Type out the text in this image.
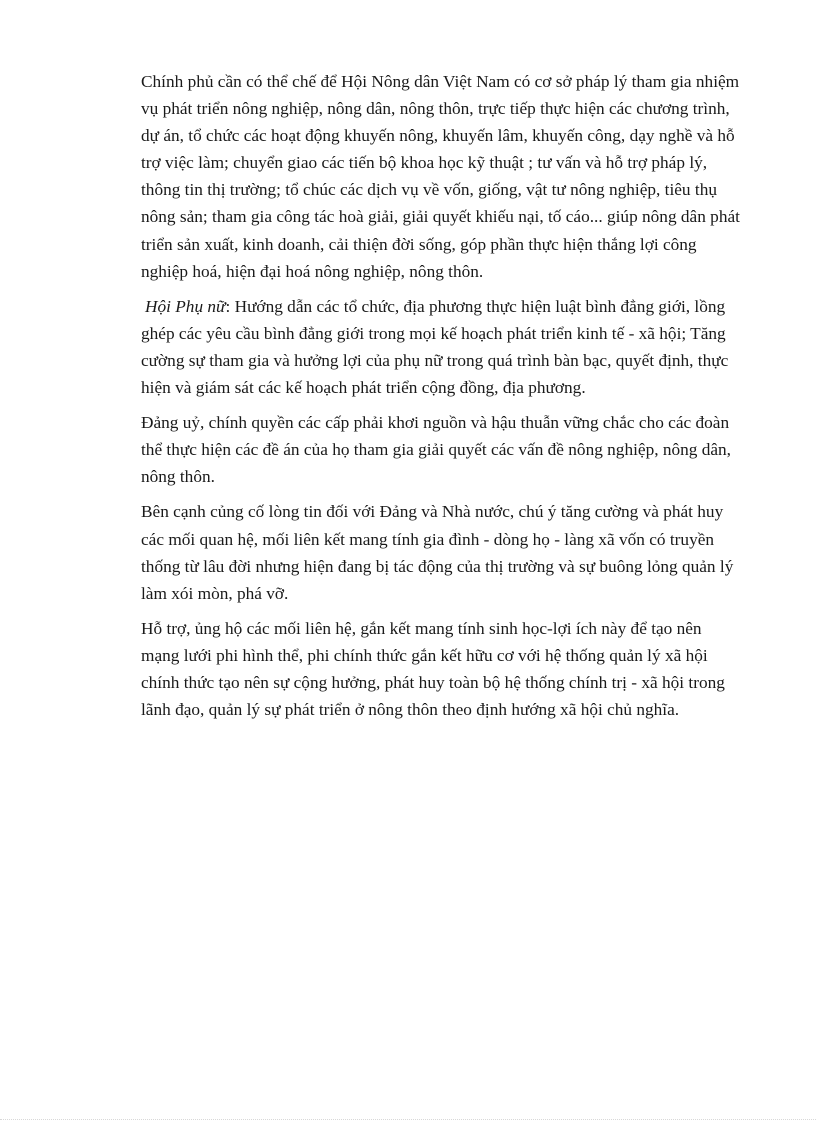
Chính phủ cần có thể chế để Hội Nông dân Việt Nam có cơ sở pháp lý tham gia nhiệm vụ phát triển nông nghiệp, nông dân, nông thôn, trực tiếp thực hiện các chương trình, dự án, tổ chức các hoạt động khuyến nông, khuyến lâm, khuyến công, dạy nghề và hỗ trợ việc làm; chuyển giao các tiến bộ khoa học kỹ thuật ; tư vấn và hỗ trợ pháp lý, thông tin thị trường; tổ chúc các dịch vụ về vốn, giống, vật tư nông nghiệp, tiêu thụ nông sản; tham gia công tác hoà giải, giải quyết khiếu nại, tố cáo... giúp nông dân phát triển sản xuất, kinh doanh, cải thiện đời sống, góp phần thực hiện thắng lợi công nghiệp hoá, hiện đại hoá nông nghiệp, nông thôn.

Hội Phụ nữ: Hướng dẫn các tổ chức, địa phương thực hiện luật bình đẳng giới, lồng ghép các yêu cầu bình đẳng giới trong mọi kế hoạch phát triển kinh tế - xã hội; Tăng cường sự tham gia và hưởng lợi của phụ nữ trong quá trình bàn bạc, quyết định, thực hiện và giám sát các kế hoạch phát triển cộng đồng, địa phương.

Đảng uỷ, chính quyền các cấp phải khơi nguồn và hậu thuẫn vững chắc cho các đoàn thể thực hiện các đề án của họ tham gia giải quyết các vấn đề nông nghiệp, nông dân, nông thôn.

Bên cạnh củng cố lòng tin đối với Đảng và Nhà nước, chú ý tăng cường và phát huy các mối quan hệ, mối liên kết mang tính gia đình - dòng họ - làng xã vốn có truyền thống từ lâu đời nhưng hiện đang bị tác động của thị trường và sự buông lỏng quản lý làm xói mòn, phá vỡ.

Hỗ trợ, ủng hộ các mối liên hệ, gắn kết mang tính sinh học-lợi ích này để tạo nên mạng lưới phi hình thể, phi chính thức gắn kết hữu cơ với hệ thống quản lý xã hội chính thức tạo nên sự cộng hưởng, phát huy toàn bộ hệ thống chính trị - xã hội trong lãnh đạo, quản lý sự phát triển ở nông thôn theo định hướng xã hội chủ nghĩa.
